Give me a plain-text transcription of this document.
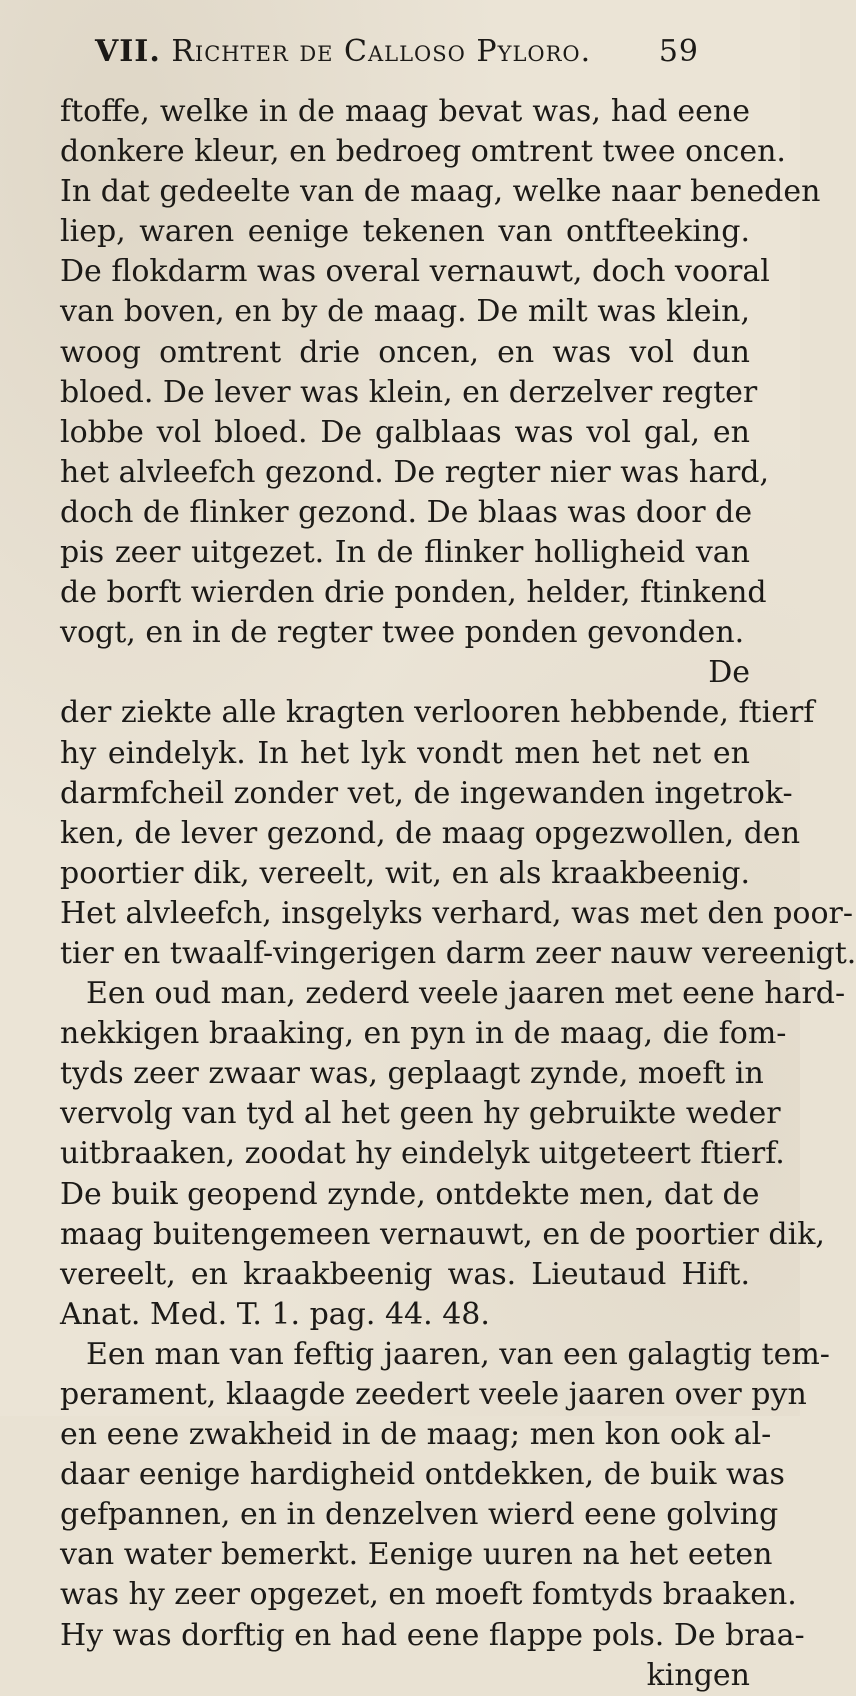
VII. Richter de Calloso Pyloro. 59
ftoffe, welke in de maag bevat was, had eene
donkere kleur, en bedroeg omtrent twee oncen.
In dat gedeelte van de maag, welke naar beneden
liep, waren eenige tekenen van ontfteeking.
De flokdarm was overal vernauwt, doch vooral
van boven, en by de maag. De milt was klein,
woog omtrent drie oncen, en was vol dun
bloed. De lever was klein, en derzelver regter
lobbe vol bloed. De galblaas was vol gal, en
het alvleefch gezond. De regter nier was hard,
doch de flinker gezond. De blaas was door de
pis zeer uitgezet. In de flinker holligheid van
de borft wierden drie ponden, helder, ftinkend
vogt, en in de regter twee ponden gevonden.
De
der ziekte alle kragten verlooren hebbende, ftierf
hy eindelyk. In het lyk vondt men het net en
darmfcheil zonder vet, de ingewanden ingetrok-
ken, de lever gezond, de maag opgezwollen, den
poortier dik, vereelt, wit, en als kraakbeenig.
Het alvleefch, insgelyks verhard, was met den poor-
tier en twaalf-vingerigen darm zeer nauw vereenigt.
Een oud man, zederd veele jaaren met eene hard-
nekkigen braaking, en pyn in de maag, die fom-
tyds zeer zwaar was, geplaagt zynde, moeft in
vervolg van tyd al het geen hy gebruikte weder
uitbraaken, zoodat hy eindelyk uitgeteert ftierf.
De buik geopend zynde, ontdekte men, dat de
maag buitengemeen vernauwt, en de poortier dik,
vereelt, en kraakbeenig was. Lieutaud Hift.
Anat. Med. T. 1. pag. 44. 48.
Een man van feftig jaaren, van een galagtig tem-
perament, klaagde zeedert veele jaaren over pyn
en eene zwakheid in de maag; men kon ook al-
daar eenige hardigheid ontdekken, de buik was
gefpannen, en in denzelven wierd eene golving
van water bemerkt. Eenige uuren na het eeten
was hy zeer opgezet, en moeft fomtyds braaken.
Hy was dorftig en had eene flappe pols. De braa-
kingen
